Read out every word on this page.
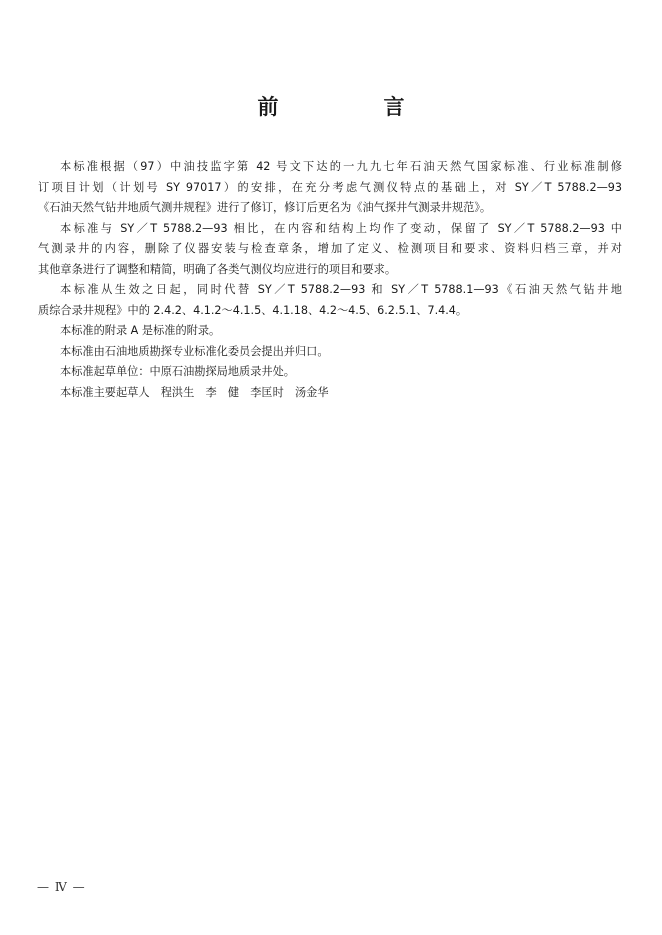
前　言
本标准根据（97）中油技监字第 42 号文下达的一九九七年石油天然气国家标准、行业标准制修
订项目计划（计划号 SY 97017）的安排，在充分考虑气测仪特点的基础上，对 SY／T 5788.2—93
《石油天然气钻井地质气测井规程》进行了修订，修订后更名为《油气探井气测录井规范》。
本标准与 SY／T 5788.2—93 相比，在内容和结构上均作了变动，保留了 SY／T 5788.2—93 中
气测录井的内容，删除了仪器安装与检查章条，增加了定义、检测项目和要求、资料归档三章，并对
其他章条进行了调整和精简，明确了各类气测仪均应进行的项目和要求。
本标准从生效之日起，同时代替 SY／T 5788.2—93 和 SY／T 5788.1—93《石油天然气钻井地
质综合录井规程》中的 2.4.2、4.1.2～4.1.5、4.1.18、4.2～4.5、6.2.5.1、7.4.4。
本标准的附录 A 是标准的附录。
本标准由石油地质勘探专业标准化委员会提出并归口。
本标准起草单位：中原石油勘探局地质录井处。
本标准主要起草人　程洪生　李　健　李匡时　汤金华
— Ⅳ —
